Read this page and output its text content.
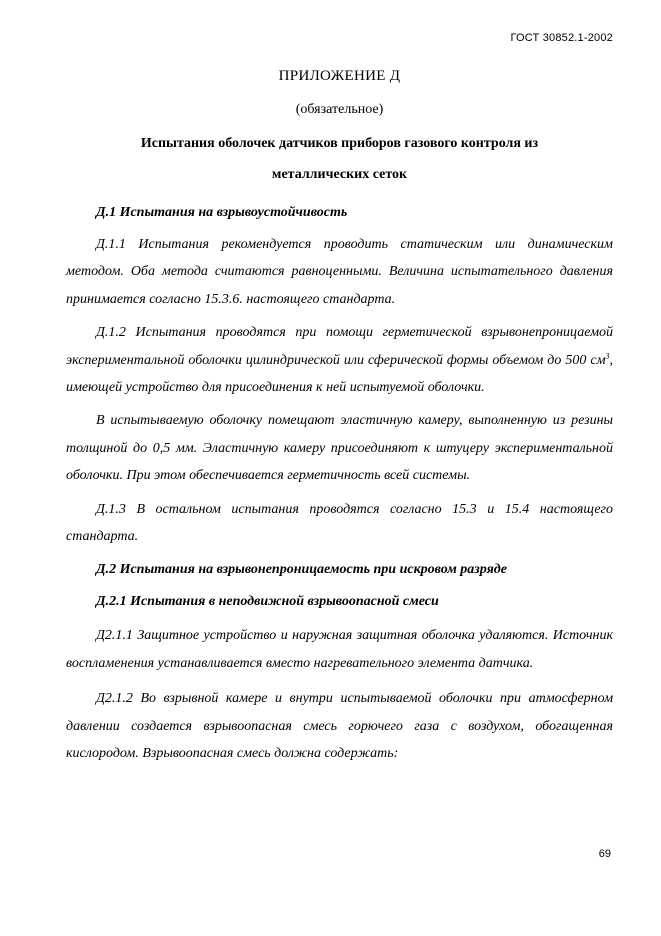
ГОСТ 30852.1-2002

ПРИЛОЖЕНИЕ Д

(обязательное)

Испытания оболочек датчиков приборов газового контроля из

металлических сеток

Д.1 Испытания на взрывоустойчивость

Д.1.1 Испытания рекомендуется проводить статическим или динамическим методом. Оба метода считаются равноценными. Величина испытательного давления принимается согласно 15.3.6. настоящего стандарта.

Д.1.2 Испытания проводятся при помощи герметической взрывонепроницаемой экспериментальной оболочки цилиндрической или сферической формы объемом до 500 $см^3$, имеющей устройство для присоединения к ней испытуемой оболочки.

В испытываемую оболочку помещают эластичную камеру, выполненную из резины толщиной до 0,5 мм. Эластичную камеру присоединяют к штуцеру экспериментальной оболочки. При этом обеспечивается герметичность всей системы.

Д.1.3 В остальном испытания проводятся согласно 15.3 и 15.4 настоящего стандарта.

Д.2 Испытания на взрывонепроницаемость при искровом разряде

Д.2.1 Испытания в неподвижной взрывоопасной смеси

Д2.1.1 Защитное устройство и наружная защитная оболочка удаляются. Источник воспламенения устанавливается вместо нагревательного элемента датчика.

Д2.1.2 Во взрывной камере и внутри испытываемой оболочки при атмосферном давлении создается взрывоопасная смесь горючего газа с воздухом, обогащенная кислородом. Взрывоопасная смесь должна содержать:

69
